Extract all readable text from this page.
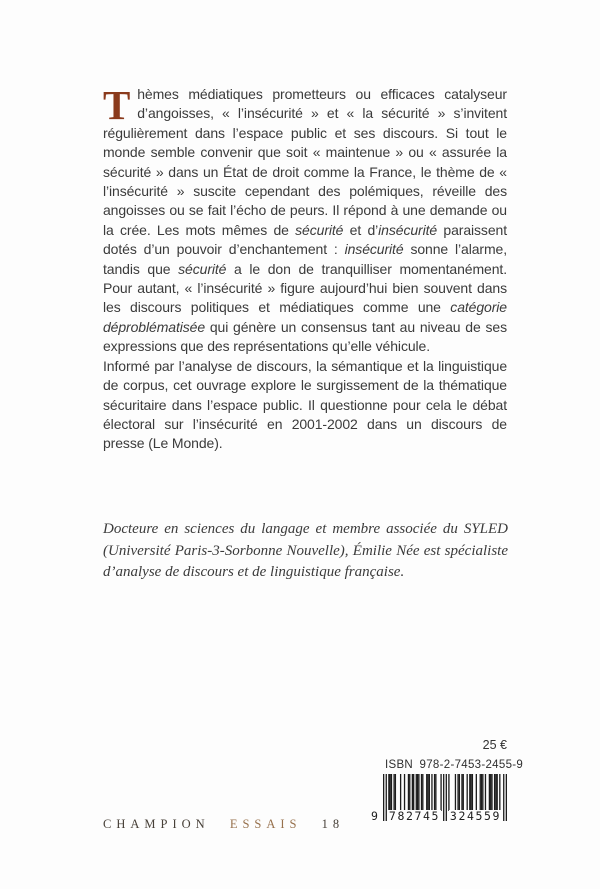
Thèmes médiatiques prometteurs ou efficaces catalyseur d’angoisses, « l’insécurité » et « la sécurité » s’invitent régulièrement dans l’espace public et ses discours. Si tout le monde semble convenir que soit « maintenue » ou « assurée la sécurité » dans un État de droit comme la France, le thème de « l’insécurité » suscite cependant des polémiques, réveille des angoisses ou se fait l’écho de peurs. Il répond à une demande ou la crée. Les mots mêmes de sécurité et d’insécurité paraissent dotés d’un pouvoir d’enchantement : insécurité sonne l’alarme, tandis que sécurité a le don de tranquilliser momentanément. Pour autant, « l’insécurité » figure aujourd’hui bien souvent dans les discours politiques et médiatiques comme une catégorie déproblématisée qui génère un consensus tant au niveau de ses expressions que des représentations qu’elle véhicule.

Informé par l’analyse de discours, la sémantique et la linguistique de corpus, cet ouvrage explore le surgissement de la thématique sécuritaire dans l’espace public. Il questionne pour cela le débat électoral sur l’insécurité en 2001-2002 dans un discours de presse (Le Monde).

Docteure en sciences du langage et membre associée du SYLED (Université Paris-3-Sorbonne Nouvelle), Émilie Née est spécialiste d’analyse de discours et de linguistique française.
25 €
ISBN 978-2-7453-2455-9
9 782745 324559
CHAMPION ESSAIS 18
